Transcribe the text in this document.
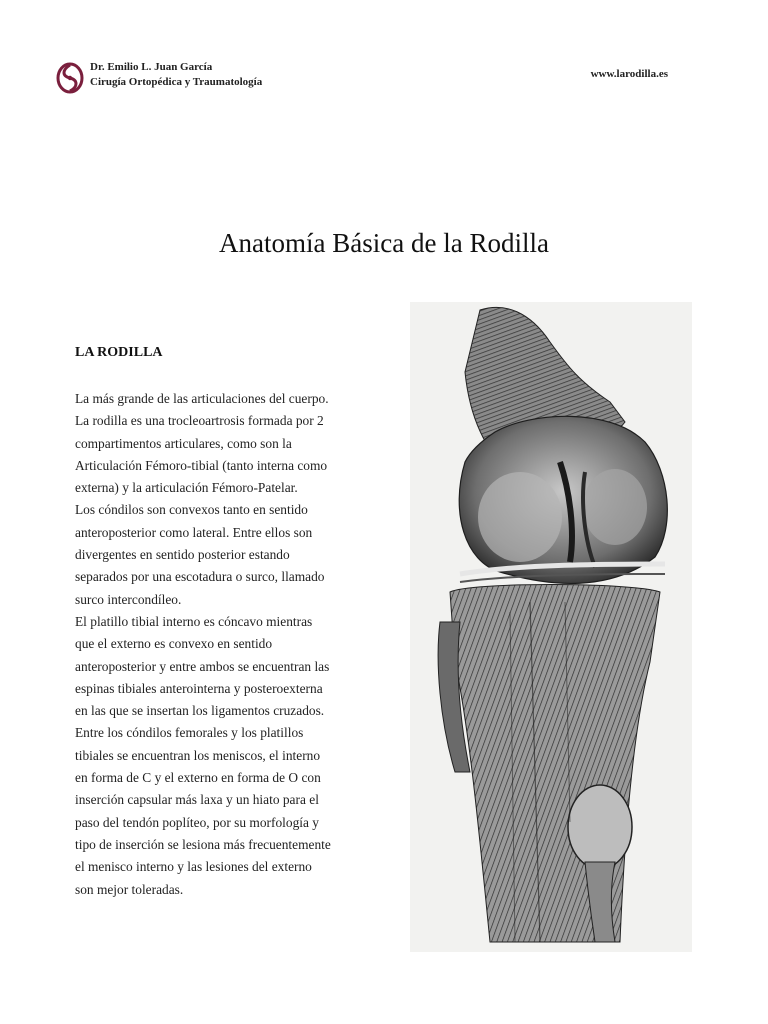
Dr. Emilio L. Juan García
Cirugía Ortopédica y Traumatología
www.larodilla.es
Anatomía Básica de la Rodilla
LA RODILLA
La más grande de las articulaciones del cuerpo.
La rodilla es una trocleoartrosis formada por 2
compartimentos articulares, como son la
Articulación Fémoro-tibial (tanto interna como
externa) y la articulación Fémoro-Patelar.
Los cóndilos son convexos tanto en sentido
anteroposterior como lateral. Entre ellos son
divergentes en sentido posterior estando
separados por una escotadura o surco, llamado
surco intercondíleo.
El platillo tibial interno es cóncavo mientras
que el externo es convexo en sentido
anteroposterior y entre ambos se encuentran las
espinas tibiales anterointerna y posteroexterna
en las que se insertan los ligamentos cruzados.
Entre los cóndilos femorales y los platillos
tibiales se encuentran los meniscos, el interno
en forma de C y el externo en forma de O con
inserción capsular más laxa y un hiato para el
paso del tendón poplíteo, por su morfología y
tipo de inserción se lesiona más frecuentemente
el menisco interno y las lesiones del externo
son mejor toleradas.
